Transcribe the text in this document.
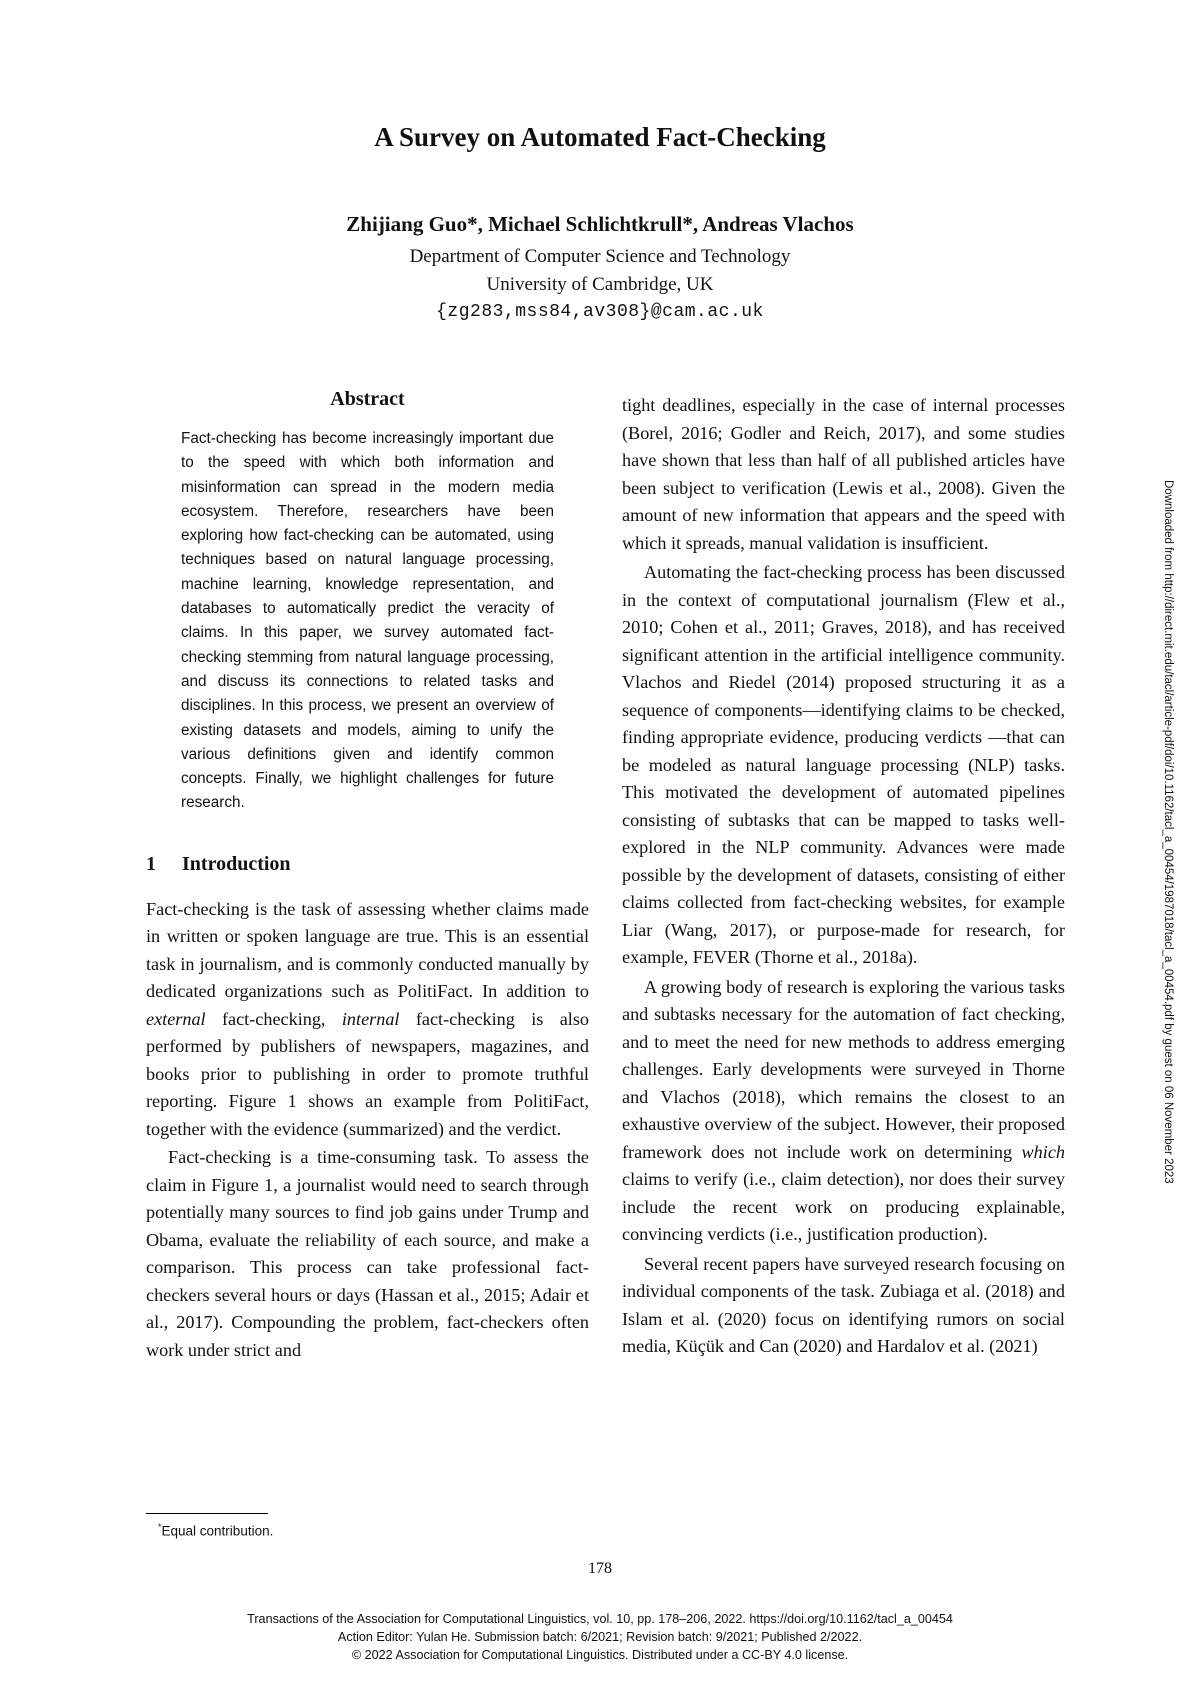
A Survey on Automated Fact-Checking
Zhijiang Guo*, Michael Schlichtkrull*, Andreas Vlachos
Department of Computer Science and Technology
University of Cambridge, UK
{zg283,mss84,av308}@cam.ac.uk
Abstract
Fact-checking has become increasingly important due to the speed with which both information and misinformation can spread in the modern media ecosystem. Therefore, researchers have been exploring how fact-checking can be automated, using techniques based on natural language processing, machine learning, knowledge representation, and databases to automatically predict the veracity of claims. In this paper, we survey automated fact-checking stemming from natural language processing, and discuss its connections to related tasks and disciplines. In this process, we present an overview of existing datasets and models, aiming to unify the various definitions given and identify common concepts. Finally, we highlight challenges for future research.
1 Introduction

Fact-checking is the task of assessing whether claims made in written or spoken language are true. This is an essential task in journalism, and is commonly conducted manually by dedicated organizations such as PolitiFact. In addition to external fact-checking, internal fact-checking is also performed by publishers of newspapers, magazines, and books prior to publishing in order to promote truthful reporting. Figure 1 shows an example from PolitiFact, together with the evidence (summarized) and the verdict.

Fact-checking is a time-consuming task. To assess the claim in Figure 1, a journalist would need to search through potentially many sources to find job gains under Trump and Obama, evaluate the reliability of each source, and make a comparison. This process can take professional fact-checkers several hours or days (Hassan et al., 2015; Adair et al., 2017). Compounding the problem, fact-checkers often work under strict and

tight deadlines, especially in the case of internal processes (Borel, 2016; Godler and Reich, 2017), and some studies have shown that less than half of all published articles have been subject to verification (Lewis et al., 2008). Given the amount of new information that appears and the speed with which it spreads, manual validation is insufficient.

Automating the fact-checking process has been discussed in the context of computational journalism (Flew et al., 2010; Cohen et al., 2011; Graves, 2018), and has received significant attention in the artificial intelligence community. Vlachos and Riedel (2014) proposed structuring it as a sequence of components—identifying claims to be checked, finding appropriate evidence, producing verdicts —that can be modeled as natural language processing (NLP) tasks. This motivated the development of automated pipelines consisting of subtasks that can be mapped to tasks well-explored in the NLP community. Advances were made possible by the development of datasets, consisting of either claims collected from fact-checking websites, for example Liar (Wang, 2017), or purpose-made for research, for example, FEVER (Thorne et al., 2018a).

A growing body of research is exploring the various tasks and subtasks necessary for the automation of fact checking, and to meet the need for new methods to address emerging challenges. Early developments were surveyed in Thorne and Vlachos (2018), which remains the closest to an exhaustive overview of the subject. However, their proposed framework does not include work on determining which claims to verify (i.e., claim detection), nor does their survey include the recent work on producing explainable, convincing verdicts (i.e., justification production).

Several recent papers have surveyed research focusing on individual components of the task. Zubiaga et al. (2018) and Islam et al. (2020) focus on identifying rumors on social media, Küçük and Can (2020) and Hardalov et al. (2021)

*Equal contribution.
178
Transactions of the Association for Computational Linguistics, vol. 10, pp. 178–206, 2022. https://doi.org/10.1162/tacl_a_00454
Action Editor: Yulan He. Submission batch: 6/2021; Revision batch: 9/2021; Published 2/2022.
© 2022 Association for Computational Linguistics. Distributed under a CC-BY 4.0 license.
Downloaded from http://direct.mit.edu/tacl/article-pdf/doi/10.1162/tacl_a_00454/1987018/tacl_a_00454.pdf by guest on 06 November 2023
